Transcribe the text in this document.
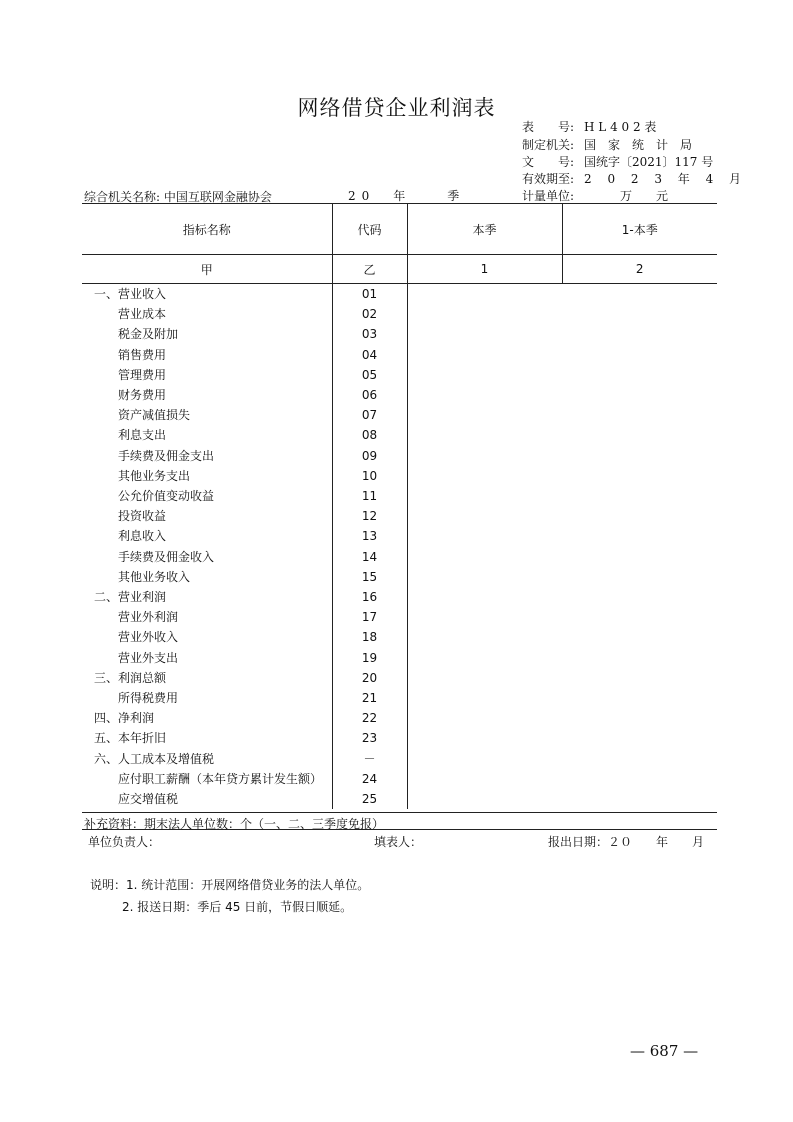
网络借贷企业利润表
表　　号: H L 4 0 2 表
制定机关: 国　家　统　计　局
文　　号: 国统字〔2021〕117 号
有效期至: 2 0 2 3 年 4 月
计量单位:　　　万　　元
综合机关名称: 中国互联网金融协会	20　年　　季
指标名称	代码	本季	1-本季
甲	乙	1	2
一、营业收入	01		
营业成本	02		
税金及附加	03		
销售费用	04		
管理费用	05		
财务费用	06		
资产减值损失	07		
利息支出	08		
手续费及佣金支出	09		
其他业务支出	10		
公允价值变动收益	11		
投资收益	12		
利息收入	13		
手续费及佣金收入	14		
其他业务收入	15		
二、营业利润	16		
营业外利润	17		
营业外收入	18		
营业外支出	19		
三、利润总额	20		
所得税费用	21		
四、净利润	22		
五、本年折旧	23		
六、人工成本及增值税	－		
应付职工薪酬（本年贷方累计发生额）	24		
应交增值税	25		
补充资料：期末法人单位数：个（一、二、三季度免报）
单位负责人：	填表人：	报出日期：２０　　年　　月
说明：1. 统计范围：开展网络借贷业务的法人单位。
2. 报送日期：季后 45 日前，节假日顺延。
— 687 —
